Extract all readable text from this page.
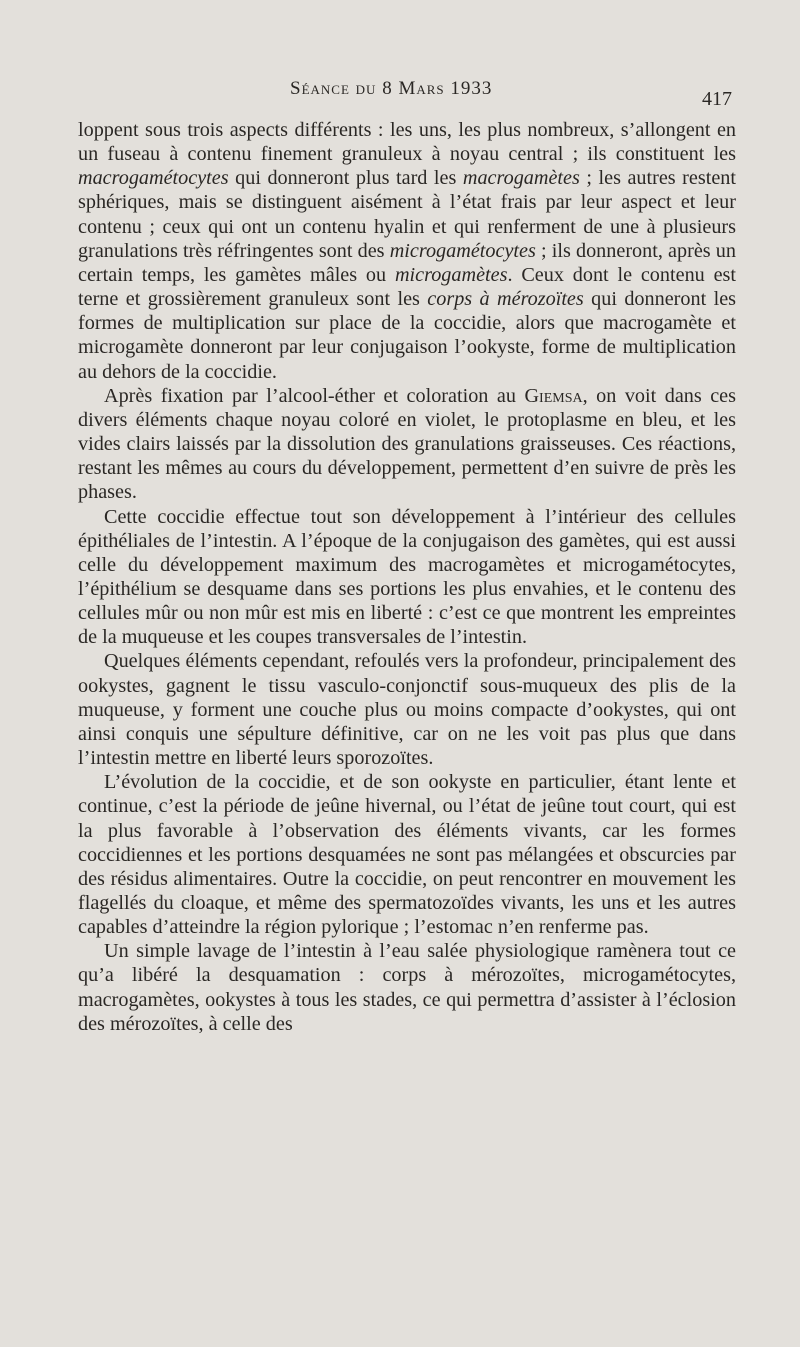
Séance du 8 Mars 1933	417

loppent sous trois aspects différents : les uns, les plus nombreux, s’allongent en un fuseau à contenu finement granuleux à noyau central ; ils constituent les macrogamétocytes qui donneront plus tard les macrogamètes ; les autres restent sphériques, mais se distinguent aisément à l’état frais par leur aspect et leur contenu ; ceux qui ont un contenu hyalin et qui renferment de une à plusieurs granulations très réfringentes sont des microgamétocytes ; ils donneront, après un certain temps, les gamètes mâles ou microgamètes. Ceux dont le contenu est terne et grossièrement granuleux sont les corps à mérozoïtes qui donneront les formes de multiplication sur place de la coccidie, alors que macrogamète et microgamète donneront par leur conjugaison l’ookyste, forme de multiplication au dehors de la coccidie.

Après fixation par l’alcool-éther et coloration au Giemsa, on voit dans ces divers éléments chaque noyau coloré en violet, le protoplasme en bleu, et les vides clairs laissés par la dissolution des granulations graisseuses. Ces réactions, restant les mêmes au cours du développement, permettent d’en suivre de près les phases.

Cette coccidie effectue tout son développement à l’intérieur des cellules épithéliales de l’intestin. A l’époque de la conjugaison des gamètes, qui est aussi celle du développement maximum des macrogamètes et microgamétocytes, l’épithélium se desquame dans ses portions les plus envahies, et le contenu des cellules mûr ou non mûr est mis en liberté : c’est ce que montrent les empreintes de la muqueuse et les coupes transversales de l’intestin.

Quelques éléments cependant, refoulés vers la profondeur, principalement des ookystes, gagnent le tissu vasculo-conjonctif sous-muqueux des plis de la muqueuse, y forment une couche plus ou moins compacte d’ookystes, qui ont ainsi conquis une sépulture définitive, car on ne les voit pas plus que dans l’intestin mettre en liberté leurs sporozoïtes.

L’évolution de la coccidie, et de son ookyste en particulier, étant lente et continue, c’est la période de jeûne hivernal, ou l’état de jeûne tout court, qui est la plus favorable à l’observation des éléments vivants, car les formes coccidiennes et les portions desquamées ne sont pas mélangées et obscurcies par des résidus alimentaires. Outre la coccidie, on peut rencontrer en mouvement les flagellés du cloaque, et même des spermatozoïdes vivants, les uns et les autres capables d’atteindre la région pylorique ; l’estomac n’en renferme pas.

Un simple lavage de l’intestin à l’eau salée physiologique ramènera tout ce qu’a libéré la desquamation : corps à mérozoïtes, microgamétocytes, macrogamètes, ookystes à tous les stades, ce qui permettra d’assister à l’éclosion des mérozoïtes, à celle des
